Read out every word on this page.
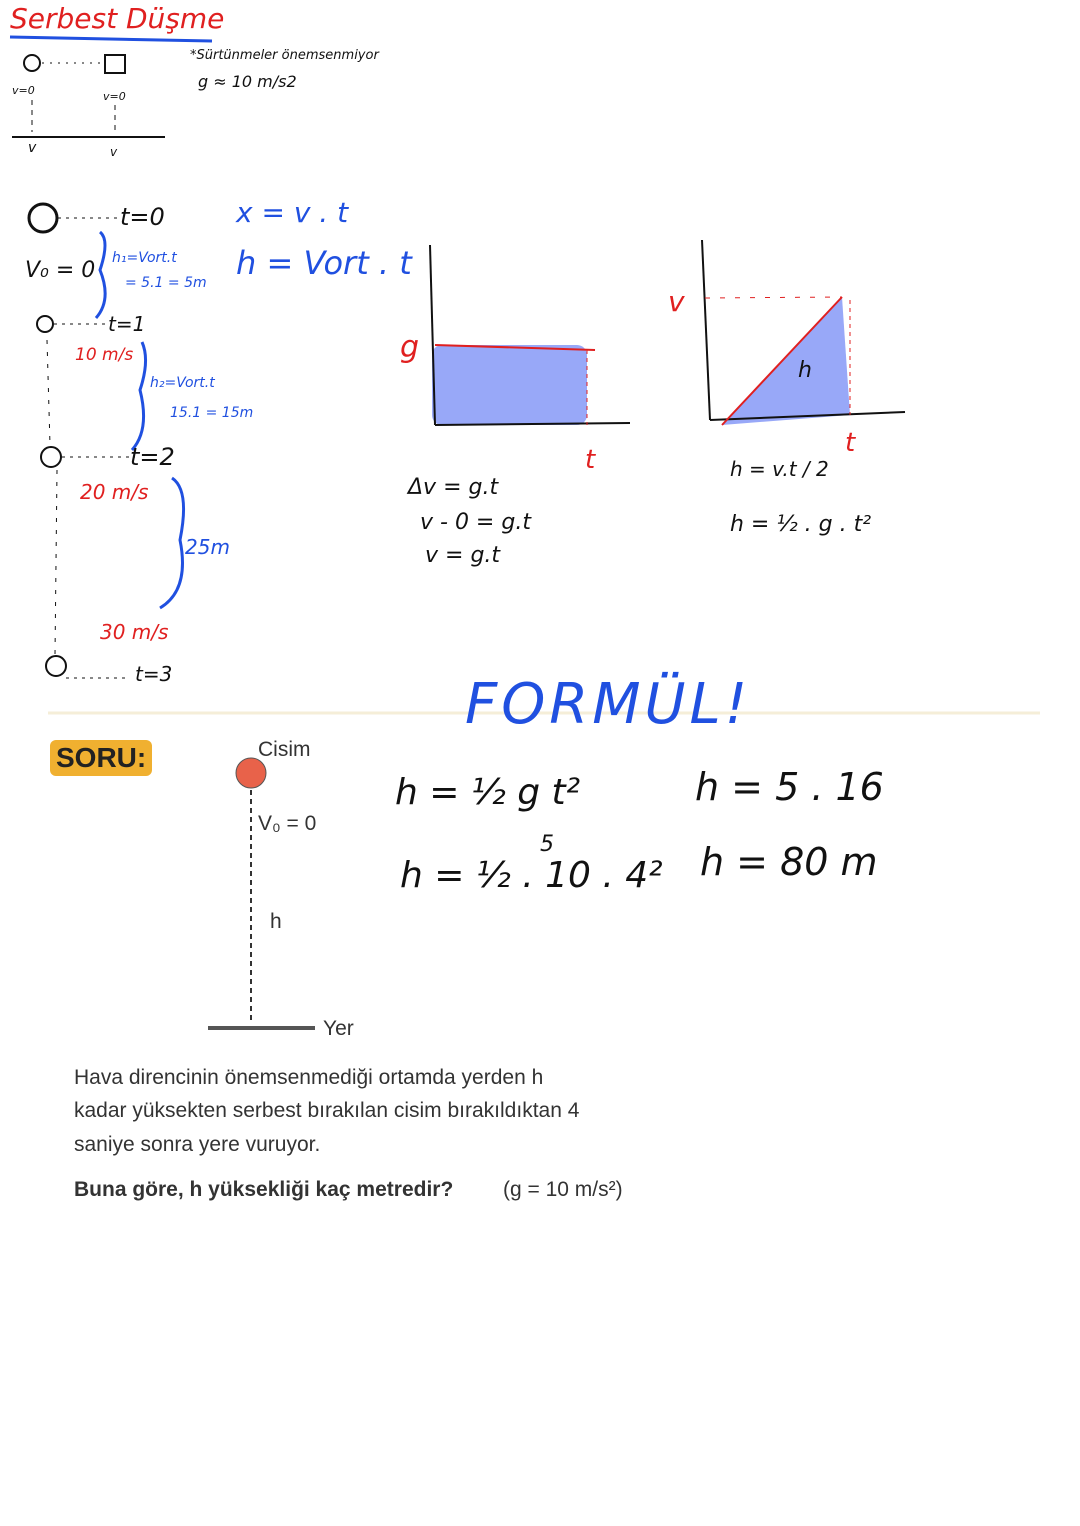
Serbest Düşme
*Sürtünmeler önemsenmiyor
g ≈ 10 m/s2
v=0	v=0
v	v
t=0
V₀ = 0 h₁=Vort.t
= 5.1 = 5m
t=1
10 m/s
h₂=Vort.t
15.1 = 15m
t=2
20 m/s
25m
30 m/s
t=3
x = v . t
h = Vort . t
g
t
Δv = g.t
v - 0 = g.t
v = g.t
v
t
h
h = v.t / 2
h = ½ . g . t²
FORMÜL!
h = ½ g t²
5
h = ½ . 10 . 4²
h = 5 . 16
h = 80 m
SORU:	Cisim
V₀ = 0
h
Yer
Hava direncinin önemsenmediği ortamda yerden h
kadar yüksekten serbest bırakılan cisim bırakıldıktan 4
saniye sonra yere vuruyor.
Buna göre, h yüksekliği kaç metredir? (g = 10 m/s²)
